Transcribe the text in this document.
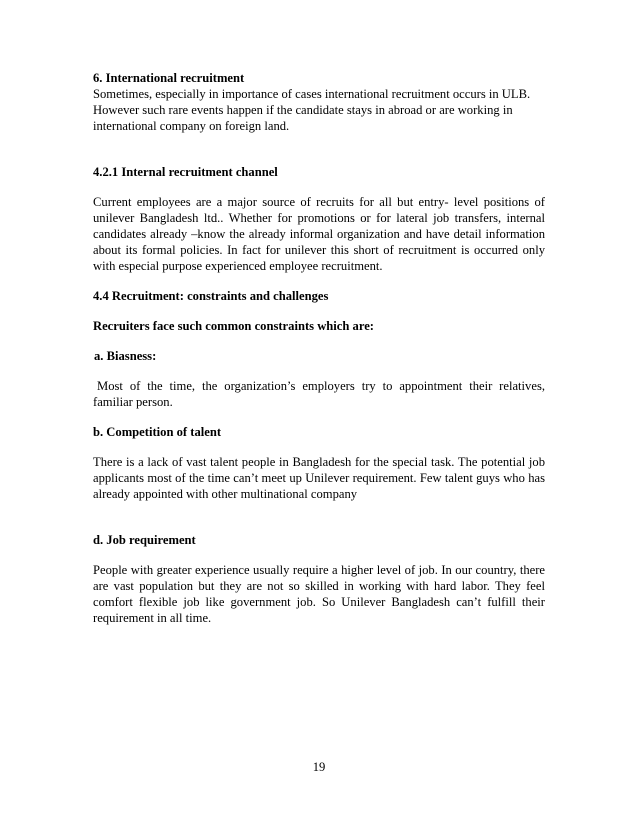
6. International recruitment

Sometimes, especially in importance of cases international recruitment occurs in ULB. However such rare events happen if the candidate stays in abroad or are working in international company on foreign land.

4.2.1 Internal recruitment channel

Current employees are a major source of recruits for all but entry- level positions of unilever Bangladesh ltd.. Whether for promotions or for lateral job transfers, internal candidates already –know the already informal organization and have detail information about its formal policies. In fact for unilever this short of recruitment is occurred only with especial purpose experienced employee recruitment.

4.4 Recruitment: constraints and challenges

Recruiters face such common constraints which are:

a. Biasness:

Most of the time, the organization’s employers try to appointment their relatives, familiar person.

b. Competition of talent

There is a lack of vast talent people in Bangladesh for the special task. The potential job applicants most of the time can’t meet up Unilever requirement. Few talent guys who has already appointed with other multinational company

d. Job requirement

People with greater experience usually require a higher level of job. In our country, there are vast population but they are not so skilled in working with hard labor. They feel comfort flexible job like government job. So Unilever Bangladesh can’t fulfill their requirement in all time.

19
